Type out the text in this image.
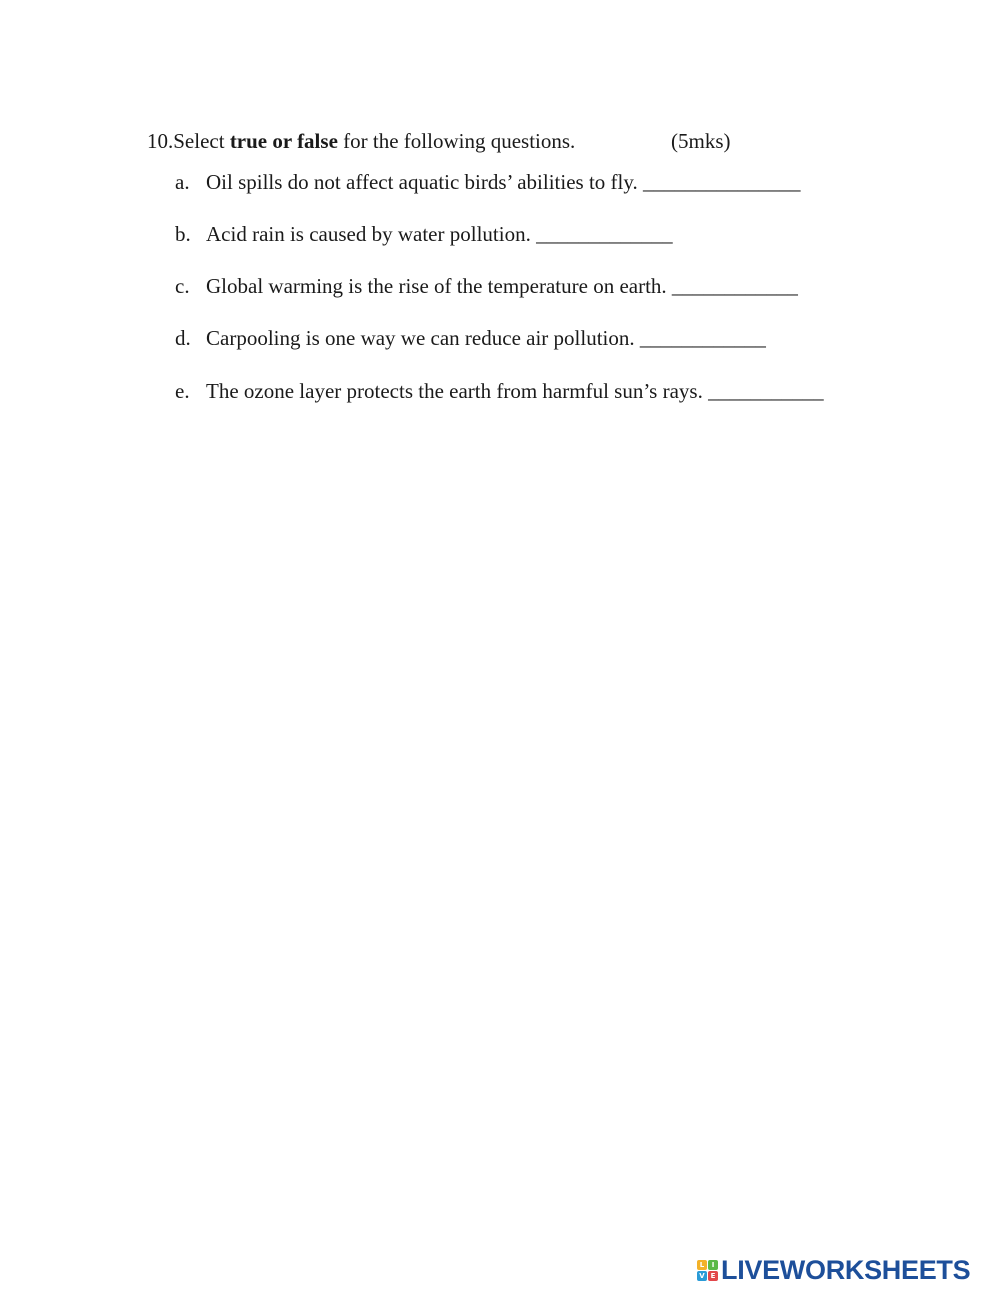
10.Select true or false for the following questions.	(5mks)
a. Oil spills do not affect aquatic birds’ abilities to fly. _______________
b. Acid rain is caused by water pollution. _____________
c. Global warming is the rise of the temperature on earth. ____________
d. Carpooling is one way we can reduce air pollution. ____________
e. The ozone layer protects the earth from harmful sun’s rays. ___________
L	I
V E LIVEWORKSHEETS
